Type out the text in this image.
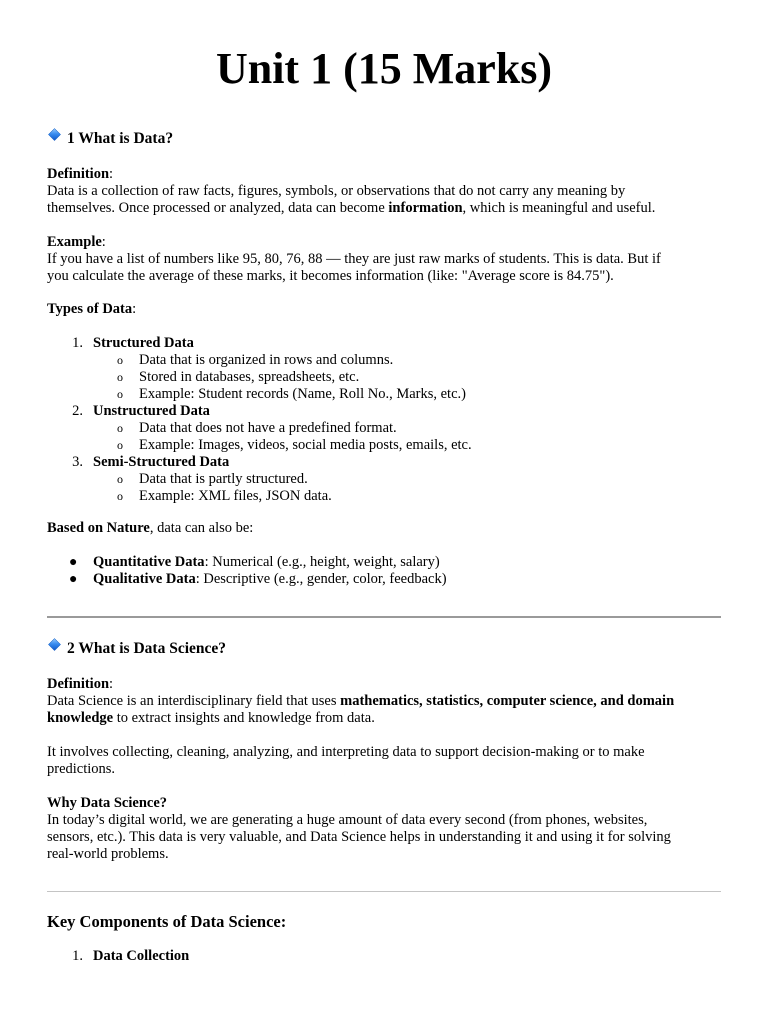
Unit 1 (15 Marks)
1 What is Data?
Definition:
Data is a collection of raw facts, figures, symbols, or observations that do not carry any meaning by
themselves. Once processed or analyzed, data can become information, which is meaningful and useful.
Example:
If you have a list of numbers like 95, 80, 76, 88 — they are just raw marks of students. This is data. But if
you calculate the average of these marks, it becomes information (like: "Average score is 84.75").
Types of Data:
1. Structured Data
o Data that is organized in rows and columns.
o Stored in databases, spreadsheets, etc.
o Example: Student records (Name, Roll No., Marks, etc.)
2. Unstructured Data
o Data that does not have a predefined format.
o Example: Images, videos, social media posts, emails, etc.
3. Semi-Structured Data
o Data that is partly structured.
o Example: XML files, JSON data.
Based on Nature, data can also be:
● Quantitative Data: Numerical (e.g., height, weight, salary)
● Qualitative Data: Descriptive (e.g., gender, color, feedback)
2 What is Data Science?
Definition:
Data Science is an interdisciplinary field that uses mathematics, statistics, computer science, and domain
knowledge to extract insights and knowledge from data.
It involves collecting, cleaning, analyzing, and interpreting data to support decision-making or to make
predictions.
Why Data Science?
In today’s digital world, we are generating a huge amount of data every second (from phones, websites,
sensors, etc.). This data is very valuable, and Data Science helps in understanding it and using it for solving
real-world problems.
Key Components of Data Science:
1. Data Collection
